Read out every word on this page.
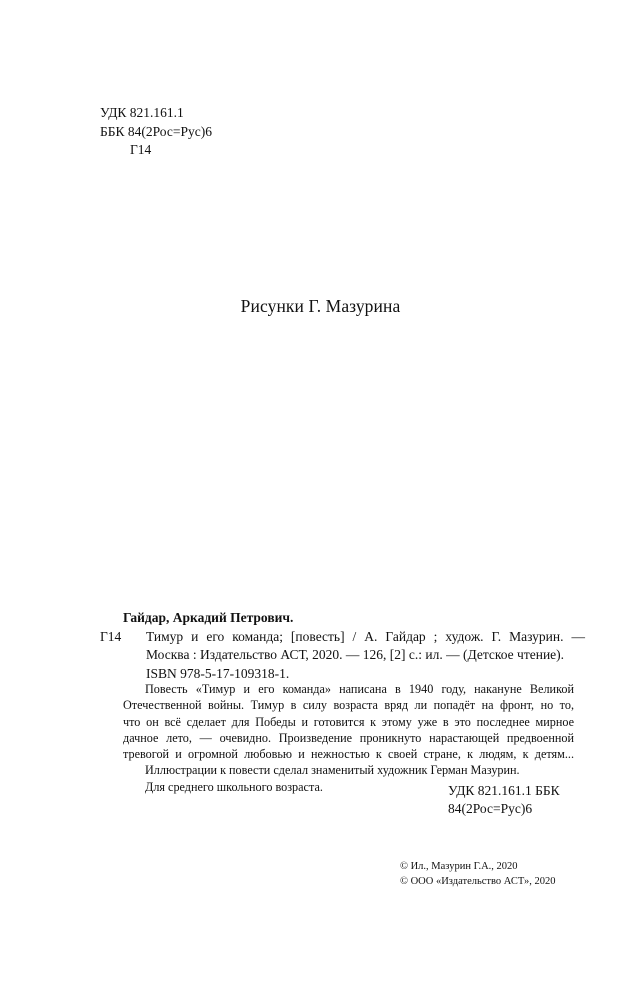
УДК 821.161.1
ББК 84(2Рос=Рус)6
Г14
Рисунки Г. Мазурина
Гайдар, Аркадий Петрович.
Г14	Тимур и его команда; [повесть] / А. Гайдар ; худож. Г. Мазурин. —
Москва : Издательство АСТ, 2020. — 126, [2] с.: ил. — (Детское чтение).
ISBN 978-5-17-109318-1.
Повесть «Тимур и его команда» написана в 1940 году, накануне Великой
Отечественной войны. Тимур в силу возраста вряд ли попадёт на фронт, но то,
что он всё сделает для Победы и готовится к этому уже в это последнее мирное
дачное лето, — очевидно. Произведение проникнуто нарастающей предвоенной
тревогой и огромной любовью и нежностью к своей стране, к людям, к детям...
Иллюстрации к повести сделал знаменитый художник Герман Мазурин.
Для среднего школьного возраста.	УДК 821.161.1 ББК
84(2Рос=Рус)6
© Ил., Мазурин Г.А., 2020
© ООО «Издательство АСТ», 2020
